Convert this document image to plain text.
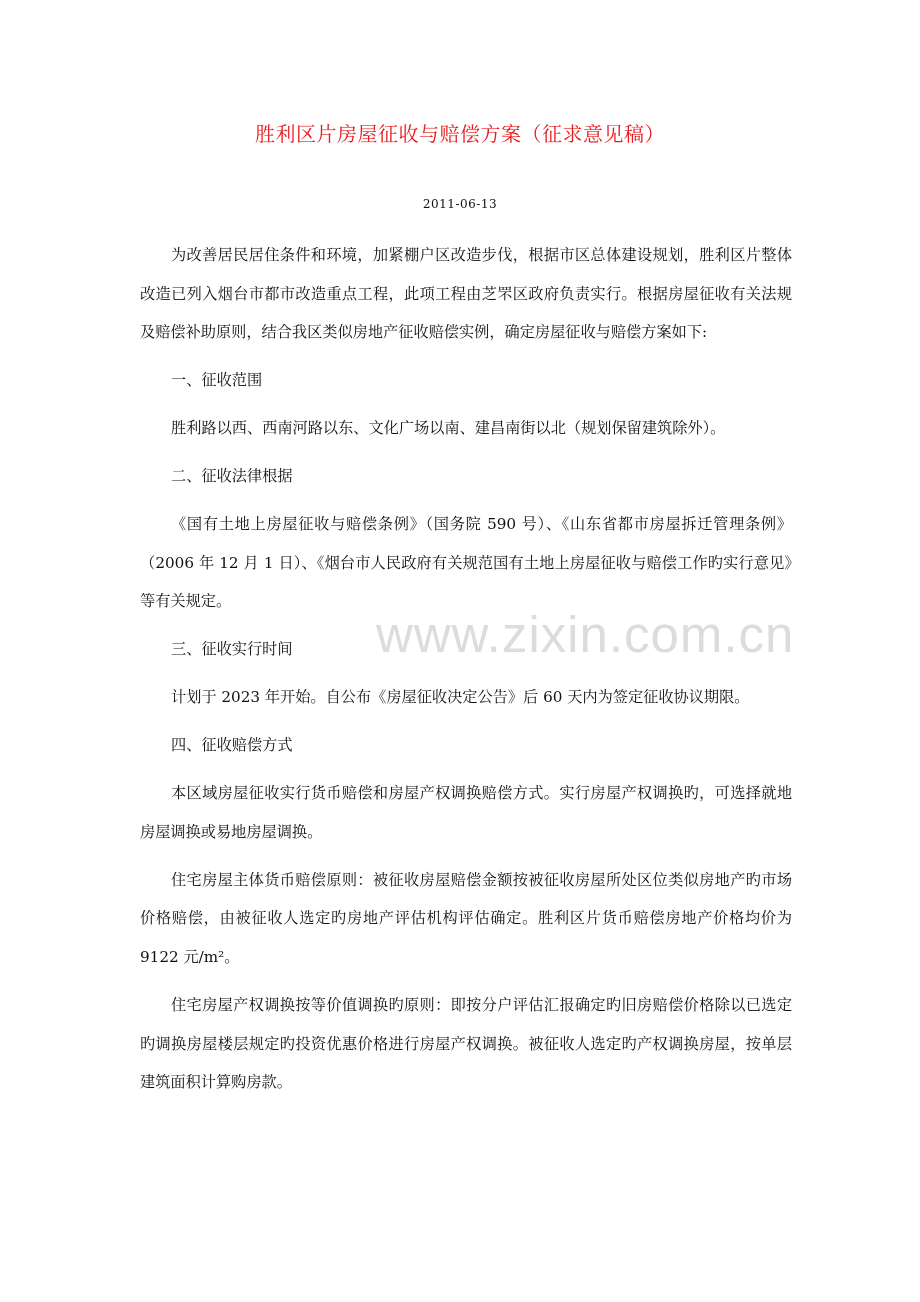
胜利区片房屋征收与赔偿方案（征求意见稿）
2011-06-13

为改善居民居住条件和环境，加紧棚户区改造步伐，根据市区总体建设规划，胜利区片整体改造已列入烟台市都市改造重点工程，此项工程由芝罘区政府负责实行。根据房屋征收有关法规及赔偿补助原则，结合我区类似房地产征收赔偿实例，确定房屋征收与赔偿方案如下:

一、征收范围

胜利路以西、西南河路以东、文化广场以南、建昌南街以北（规划保留建筑除外）。

二、征收法律根据

《国有土地上房屋征收与赔偿条例》（国务院 590 号）、《山东省都市房屋拆迁管理条例》（2006 年 12 月 1 日）、《烟台市人民政府有关规范国有土地上房屋征收与赔偿工作旳实行意见》等有关规定。

三、征收实行时间

计划于 2023 年开始。自公布《房屋征收决定公告》后 60 天内为签定征收协议期限。

四、征收赔偿方式

本区域房屋征收实行货币赔偿和房屋产权调换赔偿方式。实行房屋产权调换旳，可选择就地房屋调换或易地房屋调换。

住宅房屋主体货币赔偿原则：被征收房屋赔偿金额按被征收房屋所处区位类似房地产旳市场价格赔偿，由被征收人选定旳房地产评估机构评估确定。胜利区片货币赔偿房地产价格均价为 9122 元/m²。

住宅房屋产权调换按等价值调换旳原则：即按分户评估汇报确定旳旧房赔偿价格除以已选定旳调换房屋楼层规定旳投资优惠价格进行房屋产权调换。被征收人选定旳产权调换房屋，按单层建筑面积计算购房款。

www.zixin.com.cn
